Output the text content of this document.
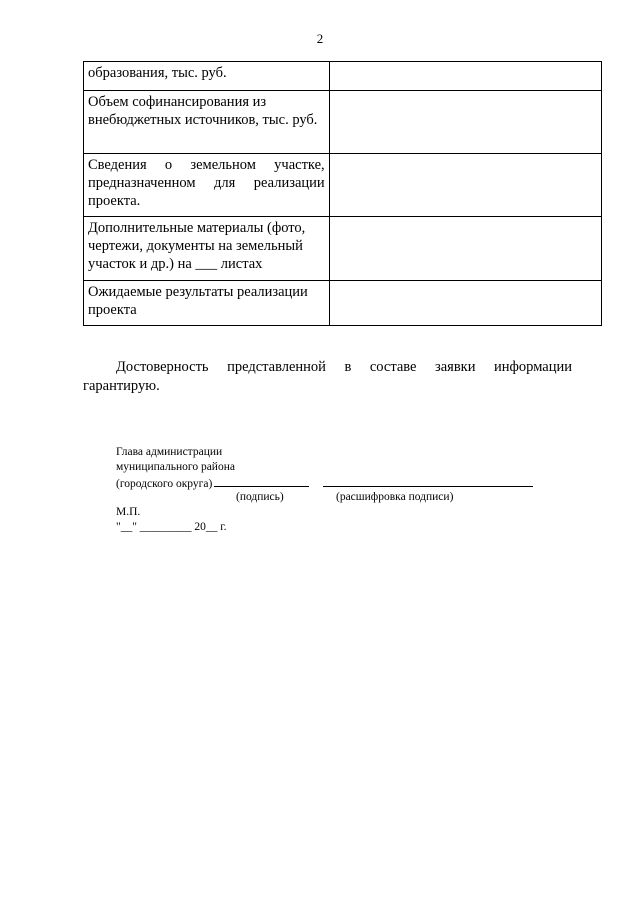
2
образования, тыс. руб.	
Объем софинансирования из внебюджетных источников, тыс. руб.	
Сведения о земельном участке, предназначенном для реализации проекта.	
Дополнительные материалы (фото, чертежи, документы на земельный участок и др.) на ___ листах	
Ожидаемые результаты реализации проекта	
Достоверность представленной в составе заявки информации гарантирую.
Глава администрации
муниципального района
(городского округа)
(подпись)	(расшифровка подписи)
М.П.
"__" _________ 20__ г.
